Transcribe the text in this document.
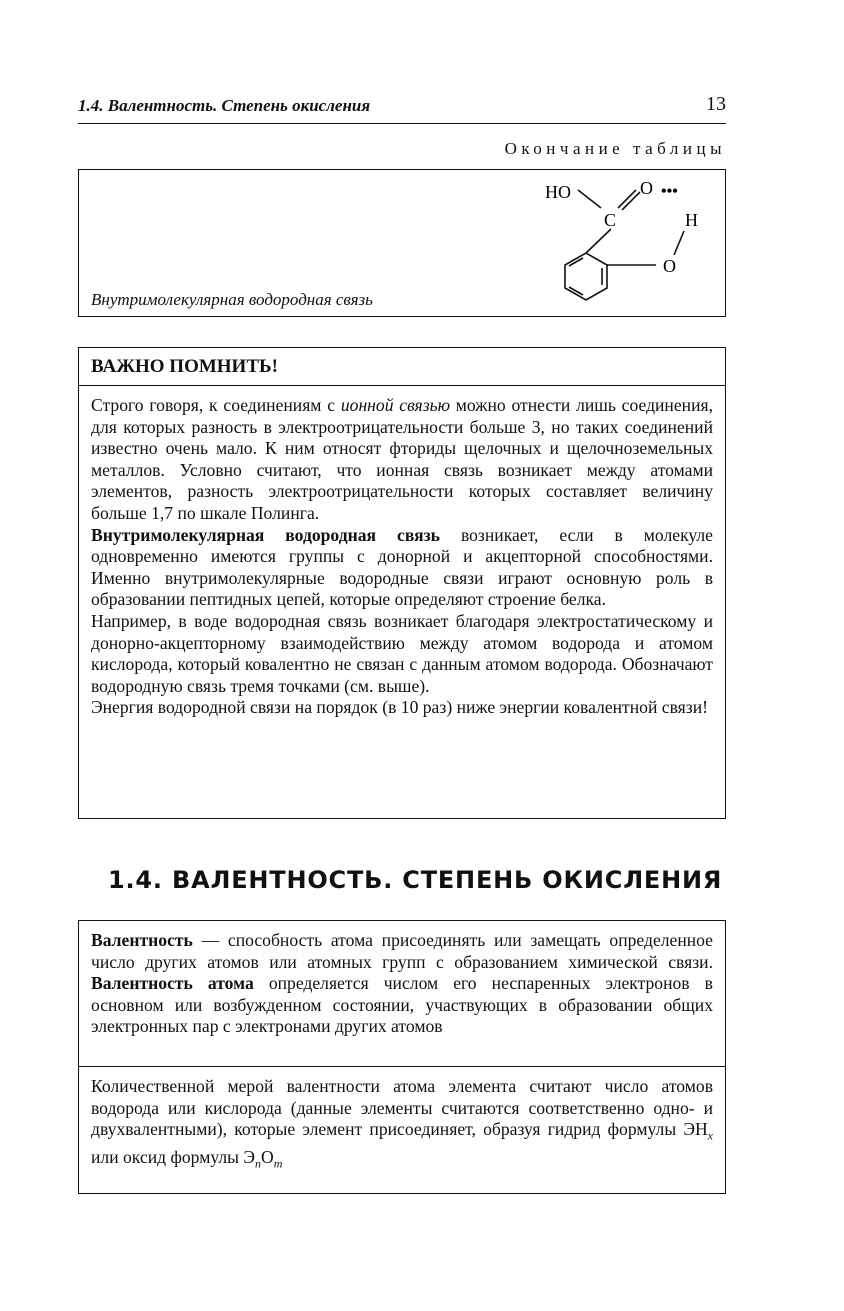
1.4. Валентность. Степень окисления	13
Окончание таблицы
HO	O •••
C	H
O
Внутримолекулярная водородная связь
ВАЖНО ПОМНИТЬ!

Строго говоря, к соединениям с ионной связью можно отнести лишь соединения, для которых разность в электроотрицательности больше 3, но таких соединений известно очень мало. К ним относят фториды щелочных и щелочноземельных металлов. Условно считают, что ионная связь возникает между атомами элементов, разность электроотрицательности которых составляет величину больше 1,7 по шкале Полинга.

Внутримолекулярная водородная связь возникает, если в молекуле одновременно имеются группы с донорной и акцепторной способностями. Именно внутримолекулярные водородные связи играют основную роль в образовании пептидных цепей, которые определяют строение белка.

Например, в воде водородная связь возникает благодаря электростатическому и донорно-акцепторному взаимодействию между атомом водорода и атомом кислорода, который ковалентно не связан с данным атомом водорода. Обозначают водородную связь тремя точками (см. выше).

Энергия водородной связи на порядок (в 10 раз) ниже энергии ковалентной связи!

1.4. ВАЛЕНТНОСТЬ. СТЕПЕНЬ ОКИСЛЕНИЯ

Валентность — способность атома присоединять или замещать определенное число других атомов или атомных групп с образованием химической связи. Валентность атома определяется числом его неспаренных электронов в основном или возбужденном состоянии, участвующих в образовании общих электронных пар с электронами других атомов

Количественной мерой валентности атома элемента считают число атомов водорода или кислорода (данные элементы считаются соответственно одно- и двухвалентными), которые элемент присоединяет, образуя гидрид формулы $ЭН_x$ или оксид формулы $Э_nO_m$
